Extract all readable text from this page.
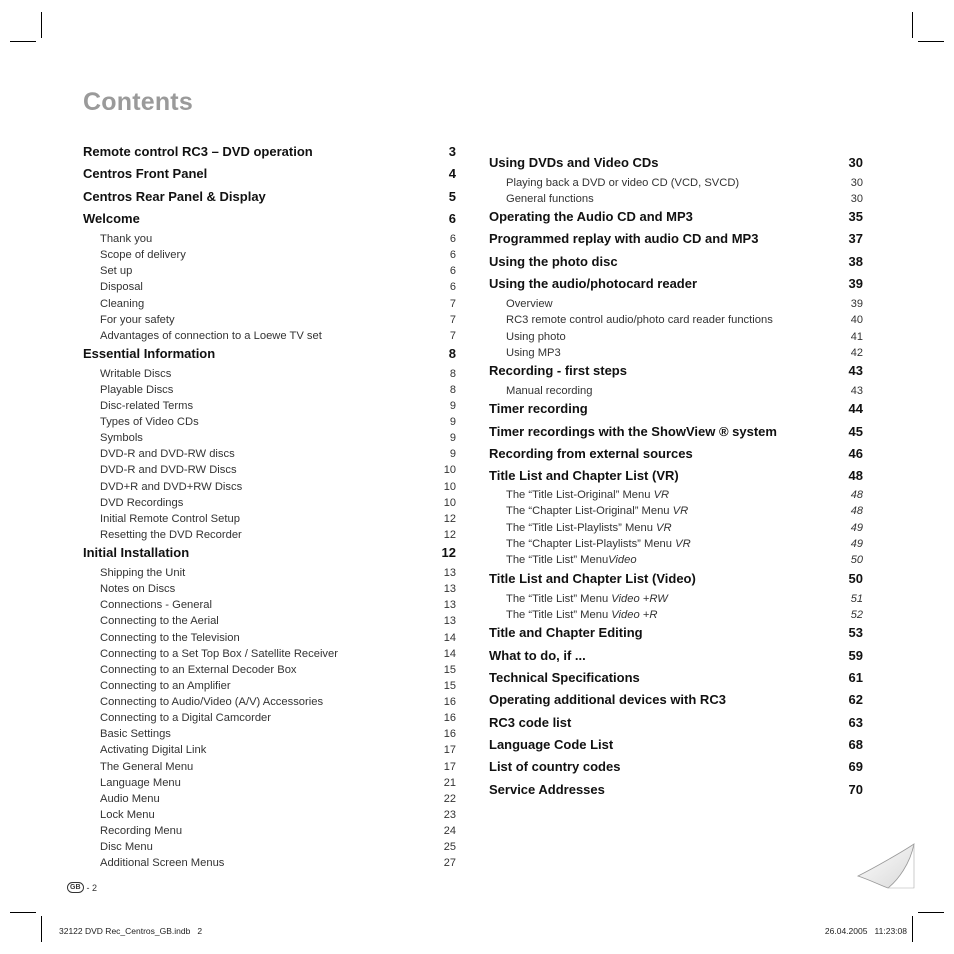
Contents
Remote control RC3 – DVD operation	3
Centros Front Panel	4
Centros Rear Panel & Display	5
Welcome	6
Thank you	6
Scope of delivery	6
Set up	6
Disposal	6
Cleaning	7
For your safety	7
Advantages of connection to a Loewe TV set	7
Essential Information	8
Writable Discs	8
Playable Discs	8
Disc-related Terms	9
Types of Video CDs	9
Symbols	9
DVD-R and DVD-RW discs	9
DVD-R and DVD-RW Discs	10
DVD+R and DVD+RW Discs	10
DVD Recordings	10
Initial Remote Control Setup	12
Resetting the DVD Recorder	12
Initial Installation	12
Shipping the Unit	13
Notes on Discs	13
Connections - General	13
Connecting to the Aerial	13
Connecting to the Television	14
Connecting to a Set Top Box / Satellite Receiver	14
Connecting to an External Decoder Box	15
Connecting to an Amplifier	15
Connecting to Audio/Video (A/V) Accessories	16
Connecting to a Digital Camcorder	16
Basic Settings	16
Activating Digital Link	17
The General Menu	17
Language Menu	21
Audio Menu	22
Lock Menu	23
Recording Menu	24
Disc Menu	25
Additional Screen Menus	27
Using DVDs and Video CDs	30
Playing back a DVD or video CD (VCD, SVCD)	30
General functions	30
Operating the Audio CD and MP3	35
Programmed replay with audio CD and MP3	37
Using the photo disc	38
Using the audio/photocard reader	39
Overview	39
RC3 remote control audio/photo card reader functions	40
Using photo	41
Using MP3	42
Recording - first steps	43
Manual recording	43
Timer recording	44
Timer recordings with the ShowView ® system	45
Recording from external sources	46
Title List and Chapter List (VR)	48
The “Title List-Original” Menu VR	48
The “Chapter List-Original” Menu VR	48
The “Title List-Playlists” Menu VR	49
The “Chapter List-Playlists” Menu VR	49
The “Title List” MenuVideo	50
Title List and Chapter List (Video)	50
The “Title List” Menu Video +RW	51
The “Title List” Menu Video +R	52
Title and Chapter Editing	53
What to do, if ...	59
Technical Specifications	61
Operating additional devices with RC3	62
RC3 code list	63
Language Code List	68
List of country codes	69
Service Addresses	70
GB - 2
32122 DVD Rec_Centros_GB.indb   2	26.04.2005   11:23:08
